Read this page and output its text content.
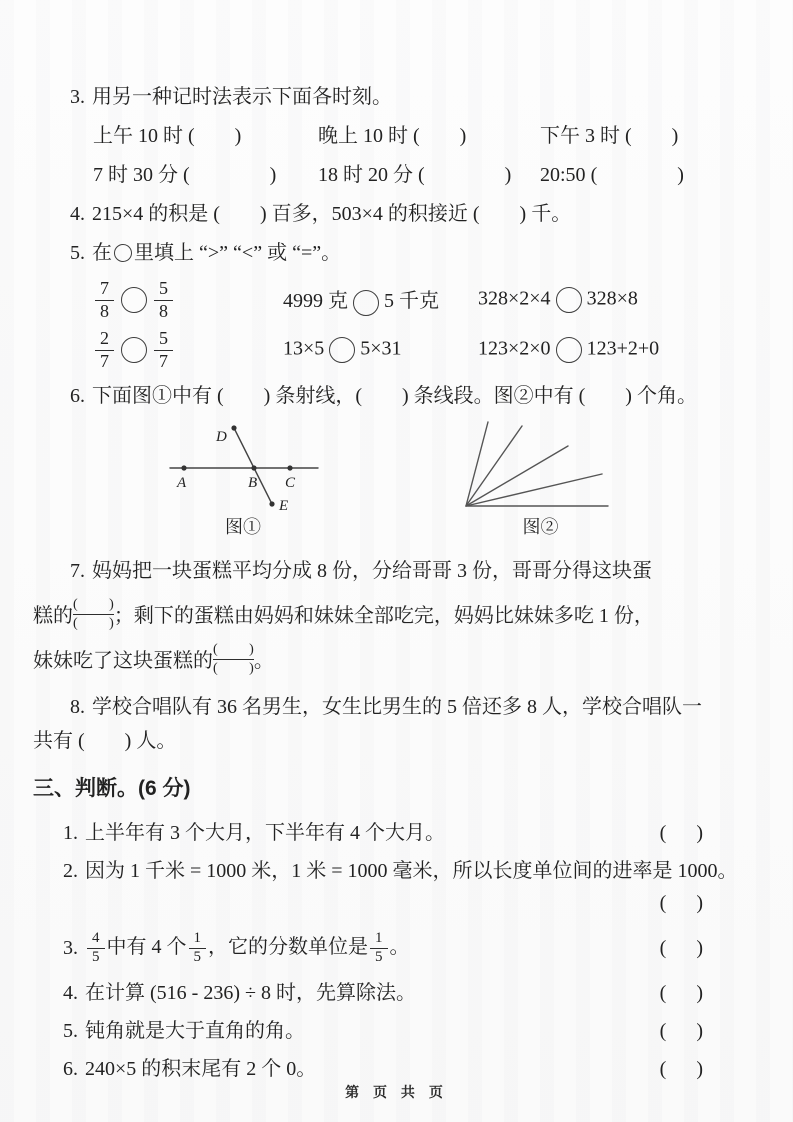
3. 用另一种记时法表示下面各时刻。
上午 10 时 (        )	晚上 10 时 (        )	下午 3 时 (        )
7 时 30 分 (                )	18 时 20 分 (                )	20:50 (                )
4. 215×4 的积是 (        ) 百多，503×4 的积接近 (        ) 千。
5. 在 里填上 “>” “<” 或 “=”。
$\frac{7}{8} \frac{5}{8}$	4999 克 5 千克	328×2×4 328×8
$\frac{2}{7} \frac{5}{7}$	13×5 5×31	123×2×0 123+2+0
6. 下面图①中有 (        ) 条射线，(        ) 条线段。图②中有 (        ) 个角。
D
A	B C
E
图①	图②

7. 妈妈把一块蛋糕平均分成 8 份，分给哥哥 3 份，哥哥分得这块蛋糕的
(         )
(         ) ；剩下的蛋糕由妈妈和妹妹全部吃完，妈妈比妹妹多吃 1 份，妹妹吃了这块蛋糕的
(         )
(         ) 。

8. 学校合唱队有 36 名男生，女生比男生的 5 倍还多 8 人，学校合唱队一共有 (        ) 人。

三、判断。(6 分)
1. 上半年有 3 个大月，下半年有 4 个大月。	(      )
2. 因为 1 千米 = 1000 米，1 米 = 1000 毫米，所以长度单位间的进率是 1000。
(      )
3. $\frac{4}{5}$ 中有 4 个 $\frac{1}{5}$ ，它的分数单位是 $\frac{1}{5}$ 。	(      )
4. 在计算 (516 - 236) ÷ 8 时，先算除法。	(      )
5. 钝角就是大于直角的角。	(      )
6. 240×5 的积末尾有 2 个 0。	(      )
第 页 共 页
